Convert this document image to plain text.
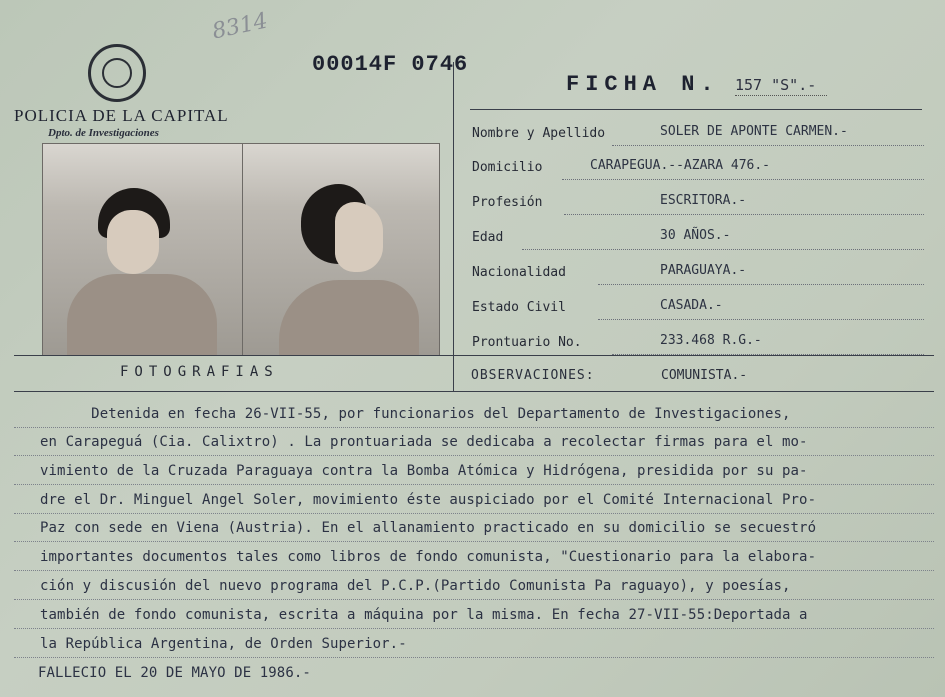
8314
00014F 0746
POLICIA DE LA CAPITAL
Dpto. de Investigaciones
FOTOGRAFIAS
FICHA N. 157 "S".-
Nombre y Apellido	SOLER DE APONTE CARMEN.-
Domicilio	CARAPEGUA.--AZARA 476.-
Profesión	ESCRITORA.-
Edad	30 AÑOS.-
Nacionalidad	PARAGUAYA.-
Estado Civil	CASADA.-
Prontuario No.	233.468 R.G.-
OBSERVACIONES:	COMUNISTA.-
Detenida en fecha 26-VII-55, por funcionarios del Departamento de Investigaciones,
en Carapeguá (Cia. Calixtro) . La prontuariada se dedicaba a recolectar firmas para el mo-
vimiento de la Cruzada Paraguaya contra la Bomba Atómica y Hidrógena, presidida por su pa-
dre el Dr. Minguel Angel Soler, movimiento éste auspiciado por el Comité Internacional Pro-
Paz con sede en Viena (Austria). En el allanamiento practicado en su domicilio se secuestró
importantes documentos tales como libros de fondo comunista, "Cuestionario para la elabora-
ción y discusión del nuevo programa del P.C.P.(Partido Comunista Pa raguayo), y poesías,
también de fondo comunista, escrita a máquina por la misma. En fecha 27-VII-55:Deportada a
la República Argentina, de Orden Superior.-
FALLECIO EL 20 DE MAYO DE 1986.-
